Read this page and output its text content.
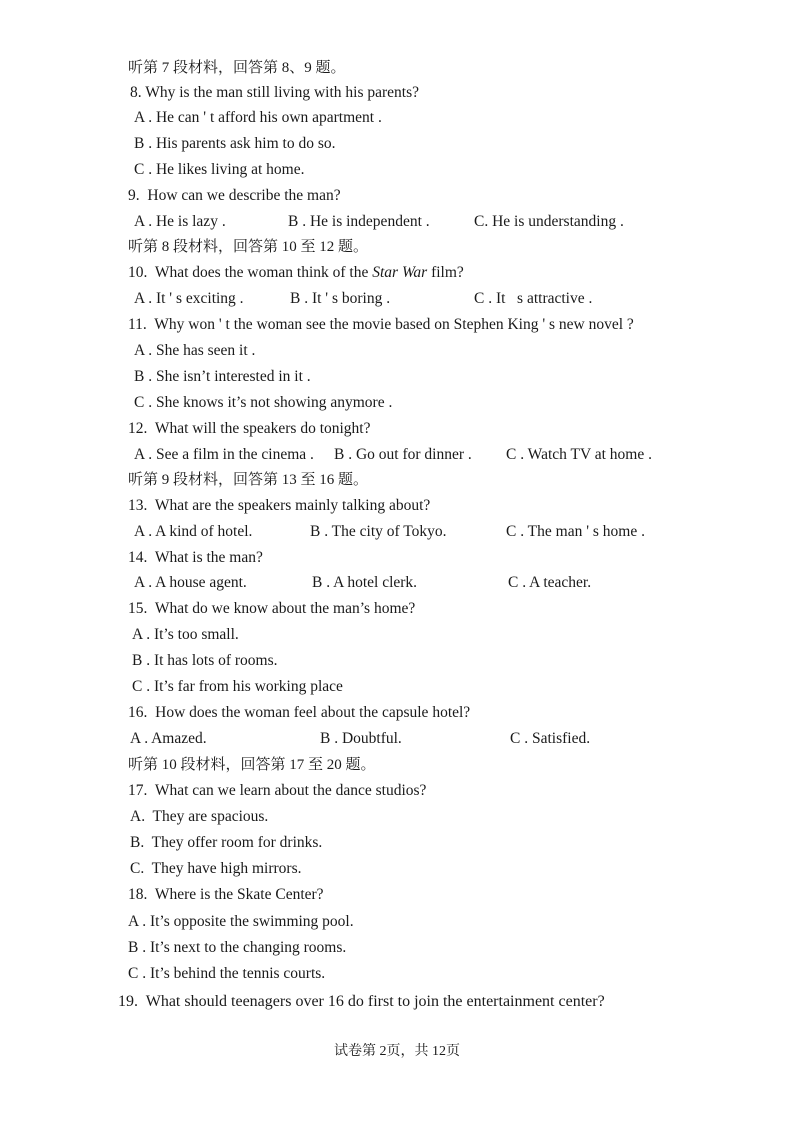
听第 7 段材料，回答第 8、9 题。
8. Why is the man still living with his parents?
A . He can ' t afford his own apartment .
B . His parents ask him to do so.
C . He likes living at home.
9.  How can we describe the man?

A . He is lazy .

	B . He is independent .

	C. He is understanding .

听第 8 段材料，回答第 10 至 12 题。
10.  What does the woman think of the Star War film?

A . It ' s exciting .

	B . It ' s boring .

	C . It   s attractive .

11.  Why won ' t the woman see the movie based on Stephen King ' s new novel ?
A . She has seen it .
B . She isn’t interested in it .
C . She knows it’s not showing anymore .
12.  What will the speakers do tonight?

A . See a film in the cinema .

B . Go out for dinner .

C . Watch TV at home .

听第 9 段材料，回答第 13 至 16 题。
13.  What are the speakers mainly talking about?

A . A kind of hotel.

	B . The city of Tokyo.

	C . The man ' s home .

14.  What is the man?

A . A house agent.

	B . A hotel clerk.

	C . A teacher.

15.  What do we know about the man’s home?
A . It’s too small.
B . It has lots of rooms.
C . It’s far from his working place
16.  How does the woman feel about the capsule hotel?

A . Amazed.

	B . Doubtful.

	C . Satisfied.

听第 10 段材料，回答第 17 至 20 题。
17.  What can we learn about the dance studios?
A.  They are spacious.
B.  They offer room for drinks.
C.  They have high mirrors.
18.  Where is the Skate Center?
A . It’s opposite the swimming pool.
B . It’s next to the changing rooms.
C . It’s behind the tennis courts.
19.  What should teenagers over 16 do first to join the entertainment center?
试卷第 2页，共 12页
